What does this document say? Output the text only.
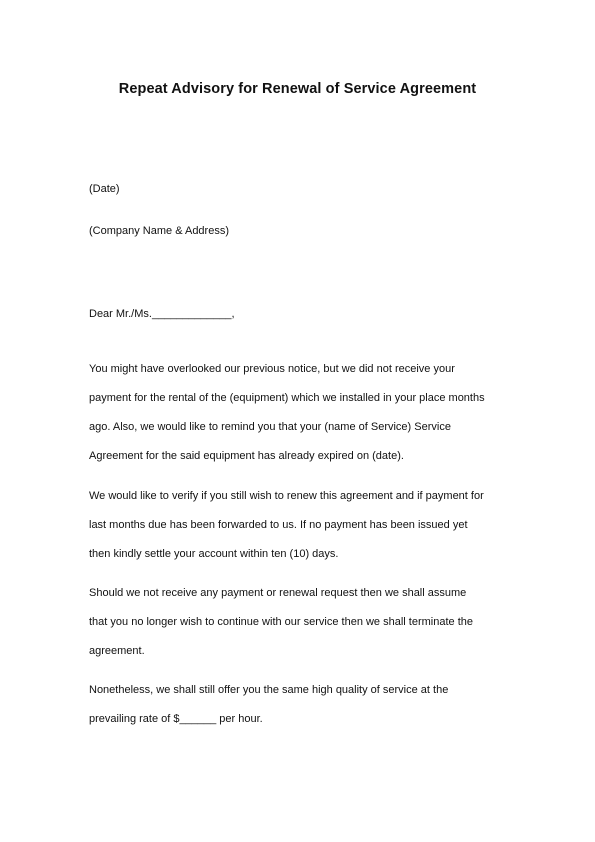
Repeat Advisory for Renewal of Service Agreement
(Date)
(Company Name & Address)
Dear Mr./Ms._____________,
You might have overlooked our previous notice, but we did not receive your
payment for the rental of the (equipment) which we installed in your place months
ago. Also, we would like to remind you that your (name of Service) Service
Agreement for the said equipment has already expired on (date).
We would like to verify if you still wish to renew this agreement and if payment for
last months due has been forwarded to us. If no payment has been issued yet
then kindly settle your account within ten (10) days.
Should we not receive any payment or renewal request then we shall assume
that you no longer wish to continue with our service then we shall terminate the
agreement.
Nonetheless, we shall still offer you the same high quality of service at the
prevailing rate of $______ per hour.
